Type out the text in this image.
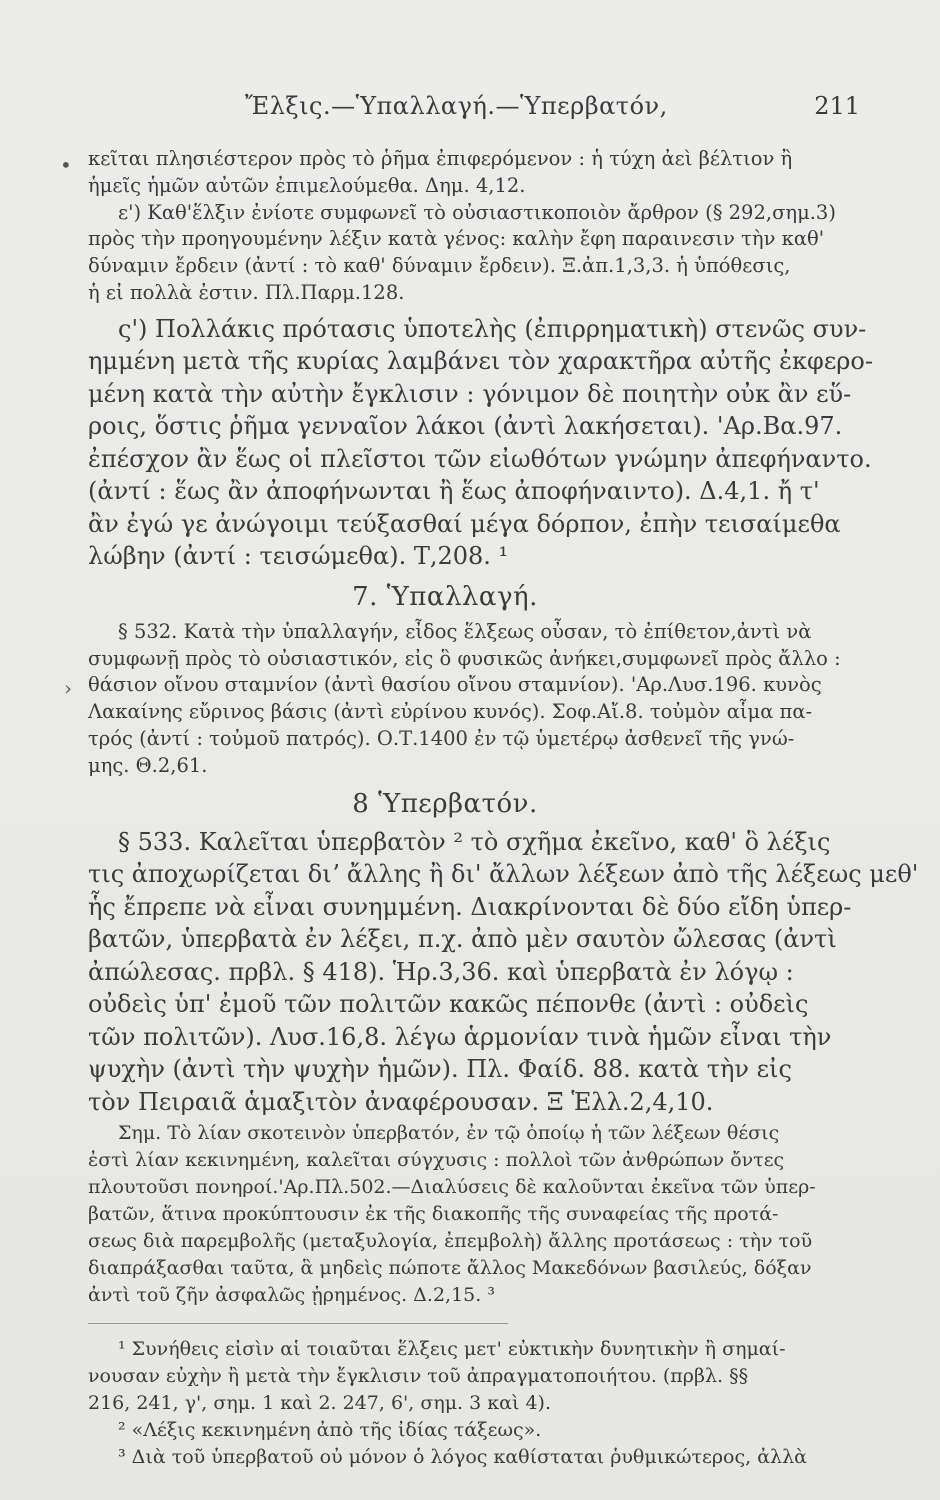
Ἔλξις.—Ὑπαλλαγή.—Ὑπερβατόν,	211
•
›

κεῖται πλησιέστερον πρὸς τὸ ῥῆμα ἐπιφερόμενον : ἡ τύχη ἀεὶ βέλτιον ἢ

ἡμεῖς ἡμῶν αὐτῶν ἐπιμελούμεθα. Δημ. 4,12.

ε') Καθ'ἕλξιν ἐνίοτε συμφωνεῖ τὸ οὐσιαστικοποιὸν ἄρθρον (§ 292,σημ.3)

πρὸς τὴν προηγουμένην λέξιν κατὰ γένος: καλὴν ἔφη παραινεσιν τὴν καθ'

δύναμιν ἔρδειν (ἀντί : τὸ καθ' δύναμιν ἔρδειν). Ξ.ἀπ.1,3,3. ἡ ὑπόθεσις,

ἡ εἰ πολλὰ ἐστιν. Πλ.Παρμ.128.

ς') Πολλάκις πρότασις ὑποτελὴς (ἐπιρρηματικὴ) στενῶς συν-

ημμένη μετὰ τῆς κυρίας λαμβάνει τὸν χαρακτῆρα αὐτῆς ἐκφερο-

μένη κατὰ τὴν αὐτὴν ἔγκλισιν : γόνιμον δὲ ποιητὴν οὐκ ἂν εὕ-

ροις, ὅστις ῥῆμα γενναῖον λάκοι (ἀντὶ λακήσεται). 'Αρ.Βα.97.

ἐπέσχον ἂν ἕως οἱ πλεῖστοι τῶν εἰωθότων γνώμην ἀπεφήναντο.

(ἀντί : ἕως ἂν ἀποφήνωνται ἢ ἕως ἀποφήναιντο). Δ.4,1. ἤ τ'

ἂν ἐγώ γε ἀνώγοιμι τεύξασθαί μέγα δόρπον, ἐπὴν τεισαίμεθα

λώβην (ἀντί : τεισώμεθα). Τ,208. ¹

7. Ὑπαλλαγή.

§ 532. Κατὰ τὴν ὑπαλλαγήν, εἶδος ἕλξεως οὖσαν, τὸ ἐπίθετον,ἀντὶ νὰ

συμφωνῇ πρὸς τὸ οὐσιαστικόν, εἰς ὃ φυσικῶς ἀνήκει,συμφωνεῖ πρὸς ἄλλο :

θάσιον οἴνου σταμνίον (ἀντὶ θασίου οἴνου σταμνίον). 'Αρ.Λυσ.196. κυνὸς

Λακαίνης εὔρινος βάσις (ἀντὶ εὐρίνου κυνός). Σοφ.Αἴ.8. τοὐμὸν αἷμα πα-

τρός (ἀντί : τοὐμοῦ πατρός). Ο.Τ.1400 ἐν τῷ ὑμετέρῳ ἀσθενεῖ τῆς γνώ-

μης. Θ.2,61.

8 Ὑπερβατόν.

§ 533. Καλεῖται ὑπερβατὸν ² τὸ σχῆμα ἐκεῖνο, καθ' ὃ λέξις

τις ἀποχωρίζεται διʼ ἄλλης ἢ δι' ἄλλων λέξεων ἀπὸ τῆς λέξεως μεθ'

ἧς ἔπρεπε νὰ εἶναι συνημμένη. Διακρίνονται δὲ δύο εἴδη ὑπερ-

βατῶν, ὑπερβατὰ ἐν λέξει, π.χ. ἀπὸ μὲν σαυτὸν ὤλεσας (ἀντὶ

ἀπώλεσας. πρβλ. § 418). Ἡρ.3,36. καὶ ὑπερβατὰ ἐν λόγῳ :

οὐδεὶς ὑπ' ἐμοῦ τῶν πολιτῶν κακῶς πέπονθε (ἀντὶ : οὐδεὶς

τῶν πολιτῶν). Λυσ.16,8. λέγω ἁρμονίαν τινὰ ἡμῶν εἶναι τὴν

ψυχὴν (ἀντὶ τὴν ψυχὴν ἡμῶν). Πλ. Φαίδ. 88. κατὰ τὴν εἰς

τὸν Πειραιᾶ ἁμαξιτὸν ἀναφέρουσαν. Ξ Ἑλλ.2,4,10.

Σημ. Τὸ λίαν σκοτεινὸν ὑπερβατόν, ἐν τῷ ὁποίῳ ἡ τῶν λέξεων θέσις

ἐστὶ λίαν κεκινημένη, καλεῖται σύγχυσις : πολλοὶ τῶν ἀνθρώπων ὄντες

πλουτοῦσι πονηροί.'Αρ.Πλ.502.—Διαλύσεις δὲ καλοῦνται ἐκεῖνα τῶν ὑπερ-

βατῶν, ἅτινα προκύπτουσιν ἐκ τῆς διακοπῆς τῆς συναφείας τῆς προτά-

σεως διὰ παρεμβολῆς (μεταξυλογία, ἐπεμβολὴ) ἄλλης προτάσεως : τὴν τοῦ

διαπράξασθαι ταῦτα, ἃ μηδεὶς πώποτε ἄλλος Μακεδόνων βασιλεύς, δόξαν

ἀντὶ τοῦ ζῆν ἀσφαλῶς ᾑρημένος. Δ.2,15. ³

¹ Συνήθεις εἰσὶν αἱ τοιαῦται ἕλξεις μετ' εὐκτικὴν δυνητικὴν ἢ σημαί-

νουσαν εὐχὴν ἢ μετὰ τὴν ἔγκλισιν τοῦ ἀπραγματοποιήτου. (πρβλ. §§

216, 241, γ', σημ. 1 καὶ 2. 247, 6', σημ. 3 καὶ 4).

² «Λέξις κεκινημένη ἀπὸ τῆς ἰδίας τάξεως».

³ Διὰ τοῦ ὑπερβατοῦ οὐ μόνον ὁ λόγος καθίσταται ῥυθμικώτερος, ἀλλὰ
